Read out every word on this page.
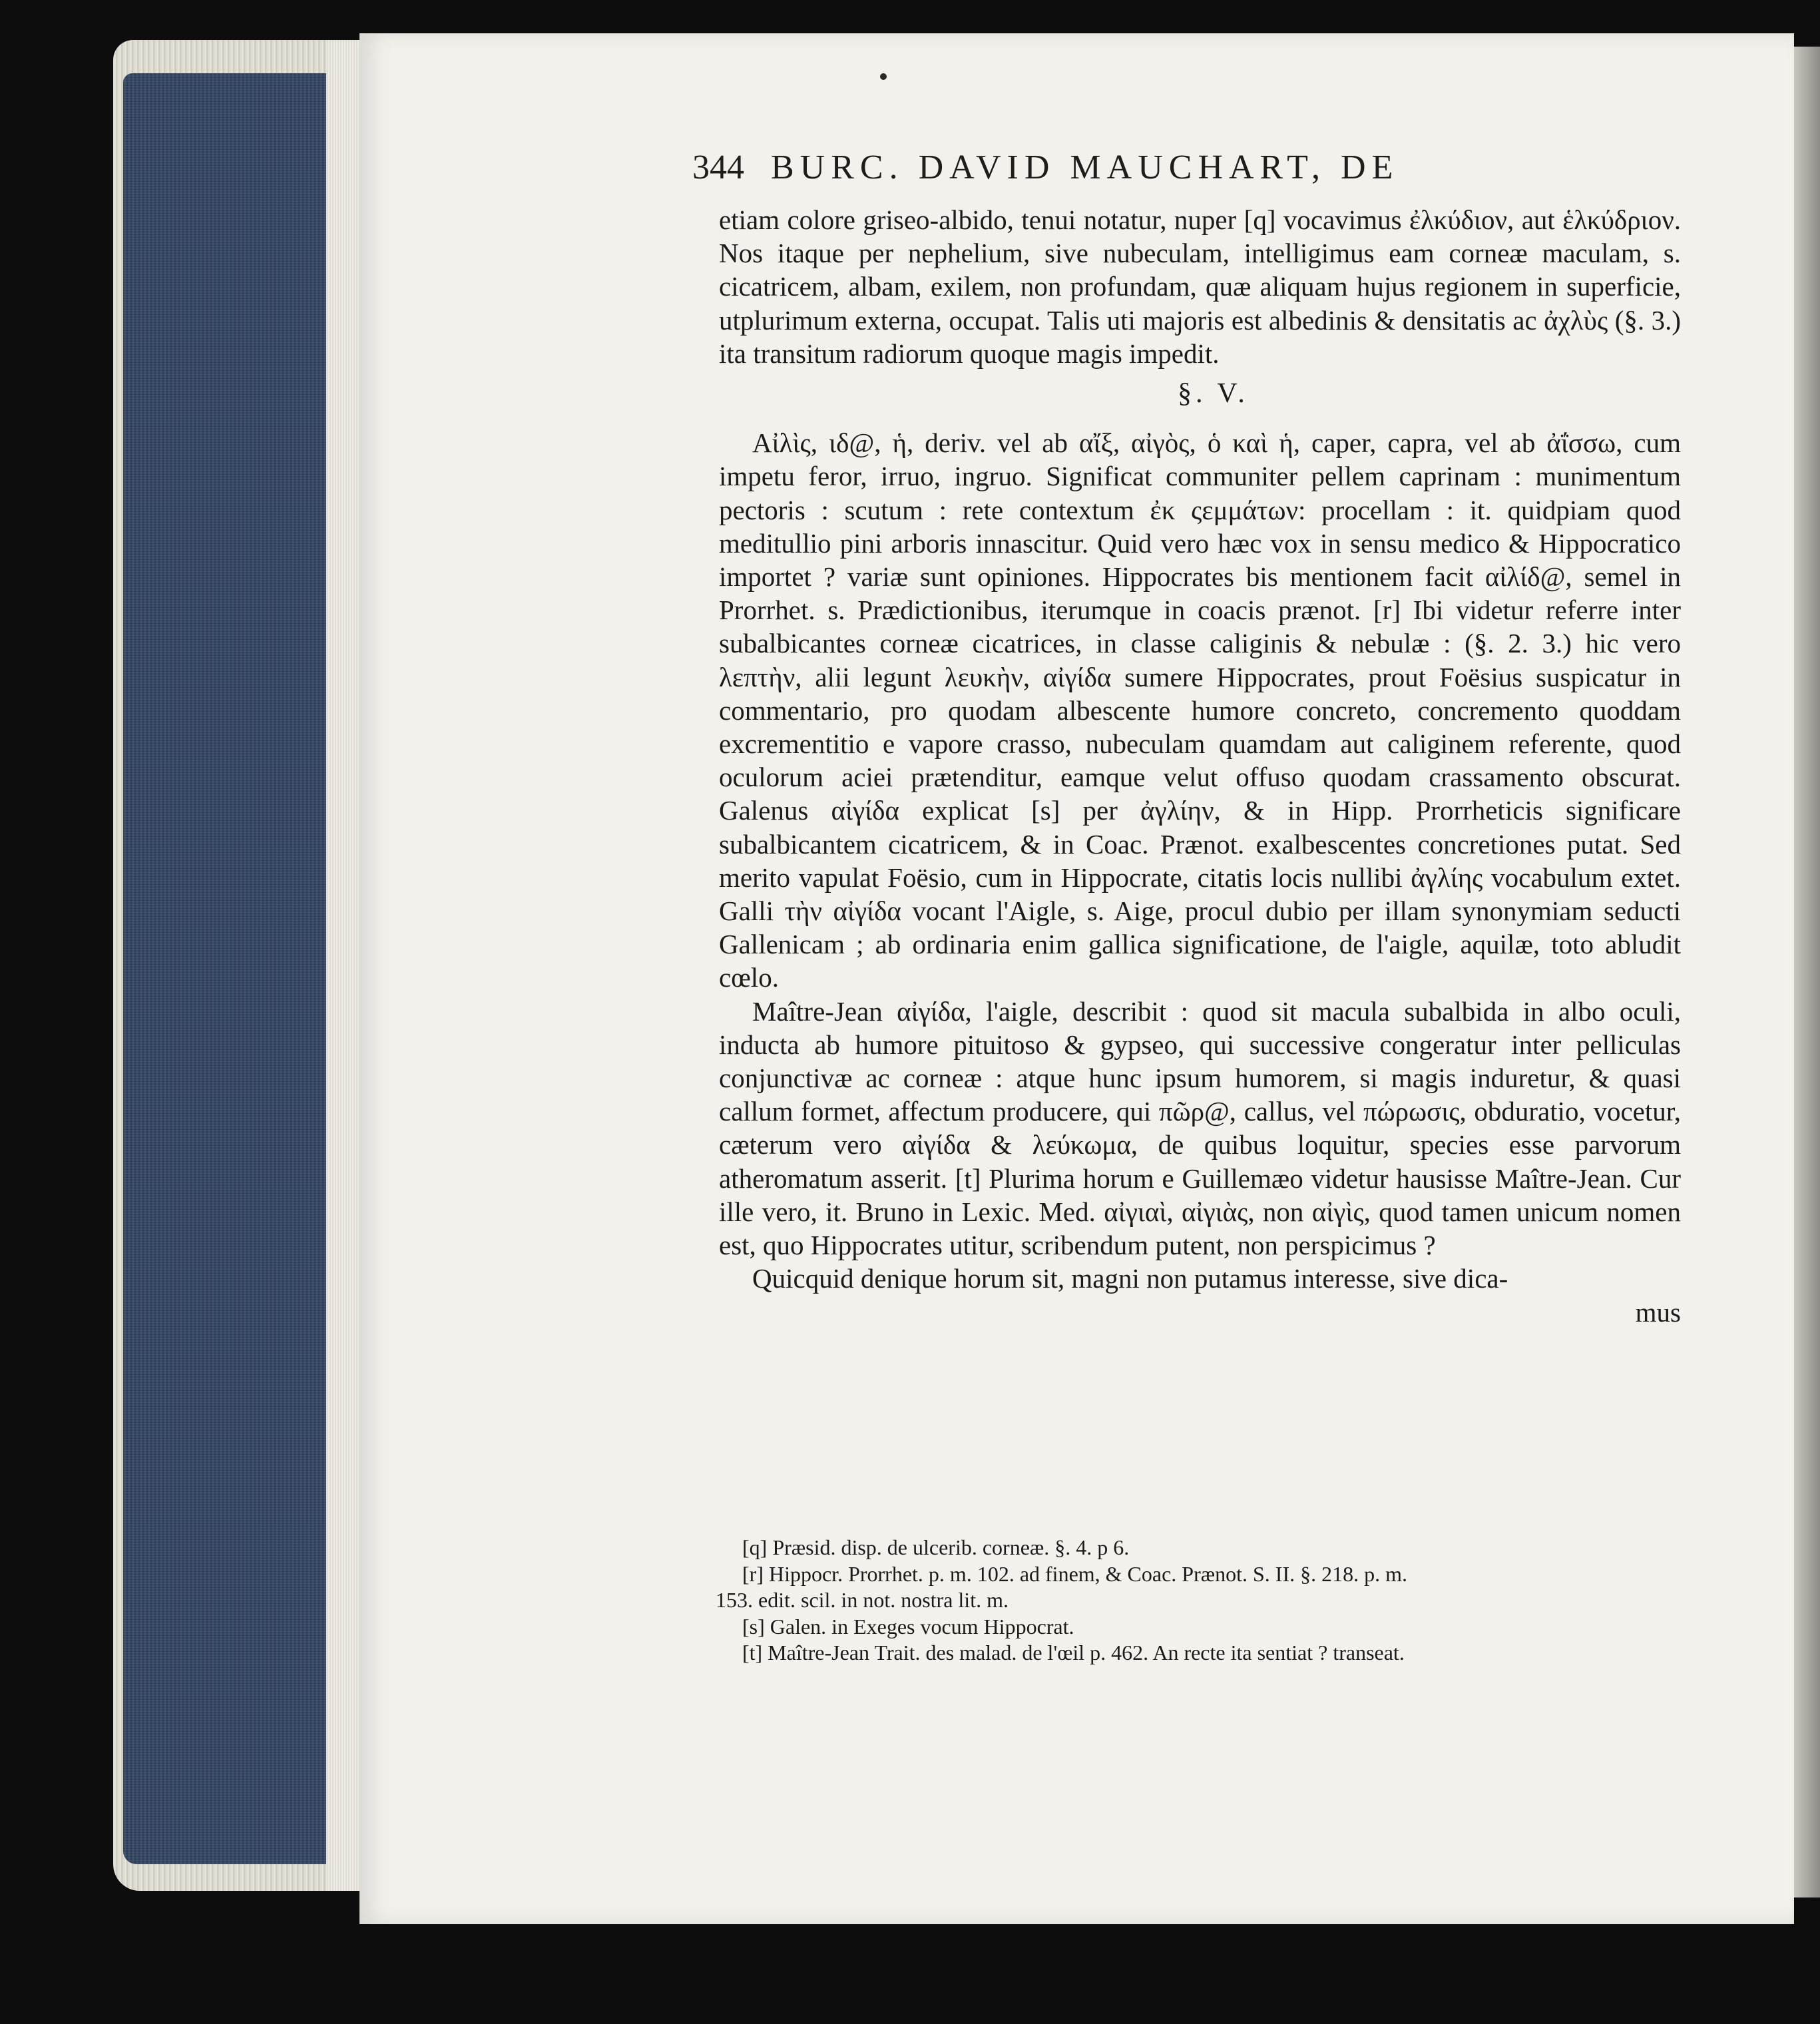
344 BURC. DAVID MAUCHART, DE

etiam colore griseo-albido, tenui notatur, nuper [q] vocavimus ἐλκύδιον, aut ἑλκύδριον. Nos itaque per nephelium, sive nubeculam, intelligimus eam corneæ maculam, s. cicatricem, albam, exilem, non profundam, quæ aliquam hujus regionem in superficie, utplurimum externa, occupat. Talis uti majoris est albedinis & densitatis ac ἀχλὺς (§. 3.) ita transitum radiorum quoque magis impedit.

§. V.

Αἰλὶς, ιδ@, ἡ, deriv. vel ab αἴξ, αἰγὸς, ὁ καὶ ἡ, caper, capra, vel ab ἀΐσσω, cum impetu feror, irruo, ingruo. Significat communiter pellem caprinam : munimentum pectoris : scutum : rete contextum ἐκ ςεμμάτων: procellam : it. quidpiam quod meditullio pini arboris innascitur. Quid vero hæc vox in sensu medico & Hippocratico importet ? variæ sunt opiniones. Hippocrates bis mentionem facit αἰλίδ@, semel in Prorrhet. s. Prædictionibus, iterumque in coacis prænot. [r] Ibi videtur referre inter subalbicantes corneæ cicatrices, in classe caliginis & nebulæ : (§. 2. 3.) hic vero λεπτὴν, alii legunt λευκὴν, αἰγίδα sumere Hippocrates, prout Foësius suspicatur in commentario, pro quodam albescente humore concreto, concremento quoddam excrementitio e vapore crasso, nubeculam quamdam aut caliginem referente, quod oculorum aciei prætenditur, eamque velut offuso quodam crassamento obscurat. Galenus αἰγίδα explicat [s] per ἀγλίην, & in Hipp. Prorrheticis significare subalbicantem cicatricem, & in Coac. Prænot. exalbescentes concretiones putat. Sed merito vapulat Foësio, cum in Hippocrate, citatis locis nullibi ἀγλίης vocabulum extet. Galli τὴν αἰγίδα vocant l'Aigle, s. Aige, procul dubio per illam synonymiam seducti Gallenicam ; ab ordinaria enim gallica significatione, de l'aigle, aquilæ, toto abludit cœlo.

Maître-Jean αἰγίδα, l'aigle, describit : quod sit macula subalbida in albo oculi, inducta ab humore pituitoso & gypseo, qui successive congeratur inter pelliculas conjunctivæ ac corneæ : atque hunc ipsum humorem, si magis induretur, & quasi callum formet, affectum producere, qui πῶρ@, callus, vel πώρωσις, obduratio, vocetur, cæterum vero αἰγίδα & λεύκωμα, de quibus loquitur, species esse parvorum atheromatum asserit. [t] Plurima horum e Guillemæo videtur hausisse Maître-Jean. Cur ille vero, it. Bruno in Lexic. Med. αἰγιαὶ, αἰγιὰς, non αἰγὶς, quod tamen unicum nomen est, quo Hippocrates utitur, scribendum putent, non perspicimus ?

Quicquid denique horum sit, magni non putamus interesse, sive dica-

mus

[q] Præsid. disp. de ulcerib. corneæ. §. 4. p 6.

[r] Hippocr. Prorrhet. p. m. 102. ad finem, & Coac. Prænot. S. II. §. 218. p. m.

153. edit. scil. in not. nostra lit. m.

[s] Galen. in Exeges vocum Hippocrat.

[t] Maître-Jean Trait. des malad. de l'œil p. 462. An recte ita sentiat ? transeat.
